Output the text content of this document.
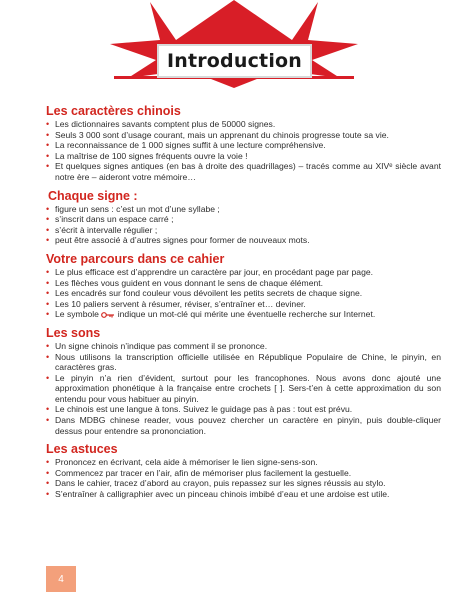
Introduction
Les caractères chinois
• Les dictionnaires savants comptent plus de 50000 signes.
• Seuls 3 000 sont d’usage courant, mais un apprenant du chinois progresse toute sa vie.
• La reconnaissance de 1 000 signes suffit à une lecture compréhensive.
• La maîtrise de 100 signes fréquents ouvre la voie !
• Et quelques signes antiques (en bas à droite des quadrillages) – tracés comme au XIVᵉ siècle avant notre ère – aideront votre mémoire…
Chaque signe :
• figure un sens : c’est un mot d’une syllabe ;
• s’inscrit dans un espace carré ;
• s’écrit à intervalle régulier ;
• peut être associé à d’autres signes pour former de nouveaux mots.
Votre parcours dans ce cahier
• Le plus efficace est d’apprendre un caractère par jour, en procédant page par page.
• Les flèches vous guident en vous donnant le sens de chaque élément.
• Les encadrés sur fond couleur vous dévoilent les petits secrets de chaque signe.
• Les 10 paliers servent à résumer, réviser, s’entraîner et… deviner.
• Le symbole indique un mot-clé qui mérite une éventuelle recherche sur Internet.
Les sons
• Un signe chinois n’indique pas comment il se prononce.
• Nous utilisons la transcription officielle utilisée en République Populaire de Chine, le pinyin, en caractères gras.
• Le pinyin n’a rien d’évident, surtout pour les francophones. Nous avons donc ajouté une approximation phonétique à la française entre crochets [ ]. Sers-t’en à cette approximation du son entendu pour vous habituer au pinyin.
• Le chinois est une langue à tons. Suivez le guidage pas à pas : tout est prévu.
• Dans MDBG chinese reader, vous pouvez chercher un caractère en pinyin, puis double-cliquer dessus pour entendre sa prononciation.
Les astuces
• Prononcez en écrivant, cela aide à mémoriser le lien signe-sens-son.
• Commencez par tracer en l’air, afin de mémoriser plus facilement la gestuelle.
• Dans le cahier, tracez d’abord au crayon, puis repassez sur les signes réussis au stylo.
• S’entraîner à calligraphier avec un pinceau chinois imbibé d’eau et une ardoise est utile.
4
